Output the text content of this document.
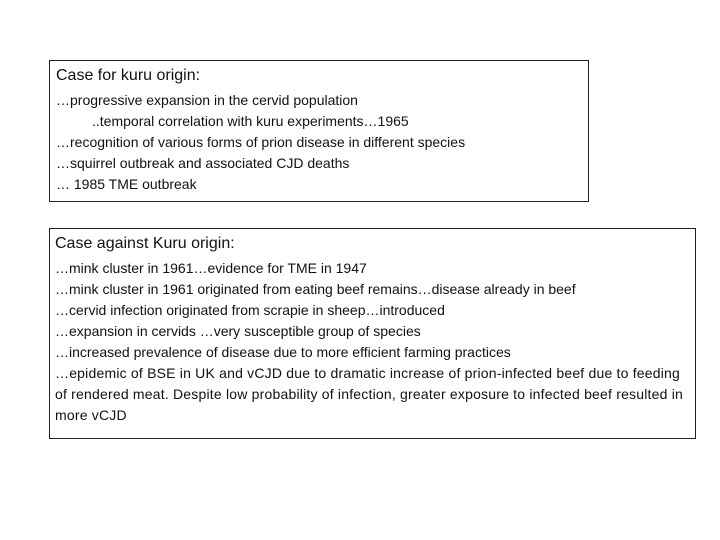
Case for kuru origin:

…progressive expansion in the cervid population

..temporal correlation with kuru experiments…1965

…recognition of various forms of prion disease in different species

…squirrel outbreak and associated CJD deaths

… 1985 TME outbreak

Case against Kuru origin:

…mink cluster in 1961…evidence for TME in 1947

…mink cluster in 1961 originated from eating beef remains…disease already in beef

…cervid infection originated from scrapie in sheep…introduced

…expansion in cervids …very susceptible group of species

…increased prevalence of disease due to more efficient farming practices

…epidemic of BSE in UK and vCJD due to dramatic increase of prion-infected beef due to feeding of rendered meat. Despite low probability of infection, greater exposure to infected beef resulted in more vCJD
